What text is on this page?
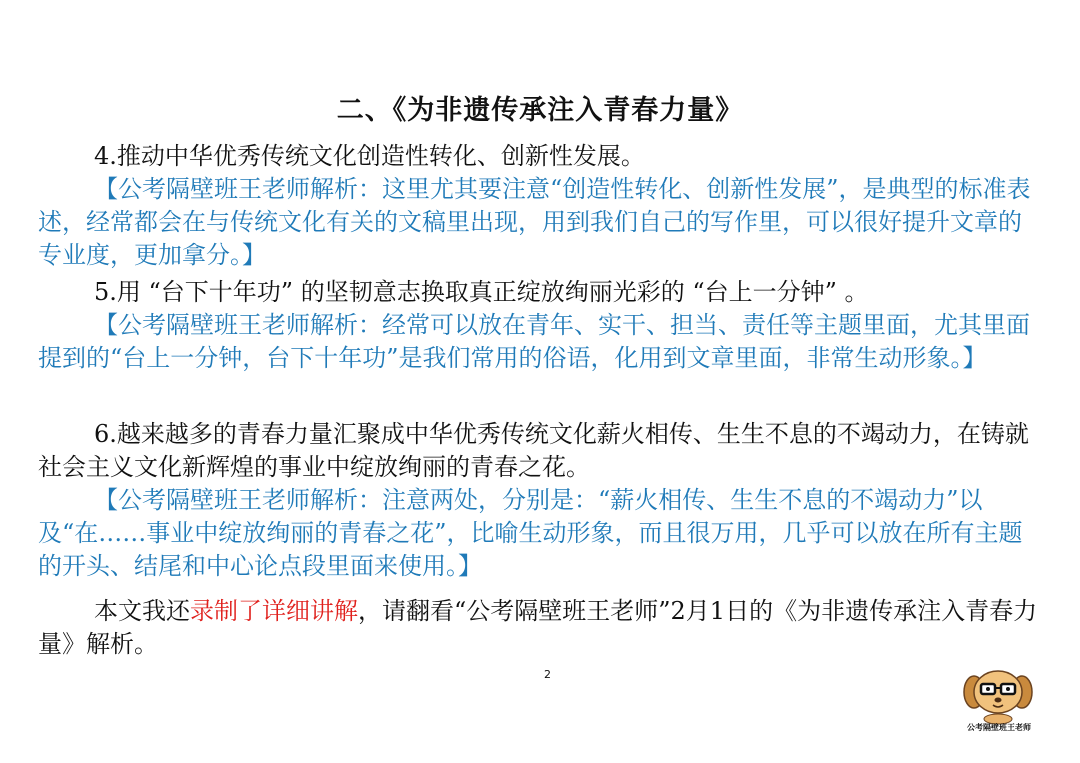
二、《为非遗传承注入青春力量》

4.推动中华优秀传统文化创造性转化、创新性发展。

【公考隔壁班王老师解析：这里尤其要注意“创造性转化、创新性发展”，是典型的标准表述，经常都会在与传统文化有关的文稿里出现，用到我们自己的写作里，可以很好提升文章的专业度，更加拿分。】

5.用 “台下十年功” 的坚韧意志换取真正绽放绚丽光彩的 “台上一分钟” 。

【公考隔壁班王老师解析：经常可以放在青年、实干、担当、责任等主题里面，尤其里面提到的“台上一分钟，台下十年功”是我们常用的俗语，化用到文章里面，非常生动形象。】

6.越来越多的青春力量汇聚成中华优秀传统文化薪火相传、生生不息的不竭动力，在铸就社会主义文化新辉煌的事业中绽放绚丽的青春之花。

【公考隔壁班王老师解析：注意两处，分别是：“薪火相传、生生不息的不竭动力”以及“在……事业中绽放绚丽的青春之花”，比喻生动形象，而且很万用，几乎可以放在所有主题的开头、结尾和中心论点段里面来使用。】

本文我还录制了详细讲解，请翻看“公考隔壁班王老师”2月1日的《为非遗传承注入青春力量》解析。

2
公考隔壁班王老师
